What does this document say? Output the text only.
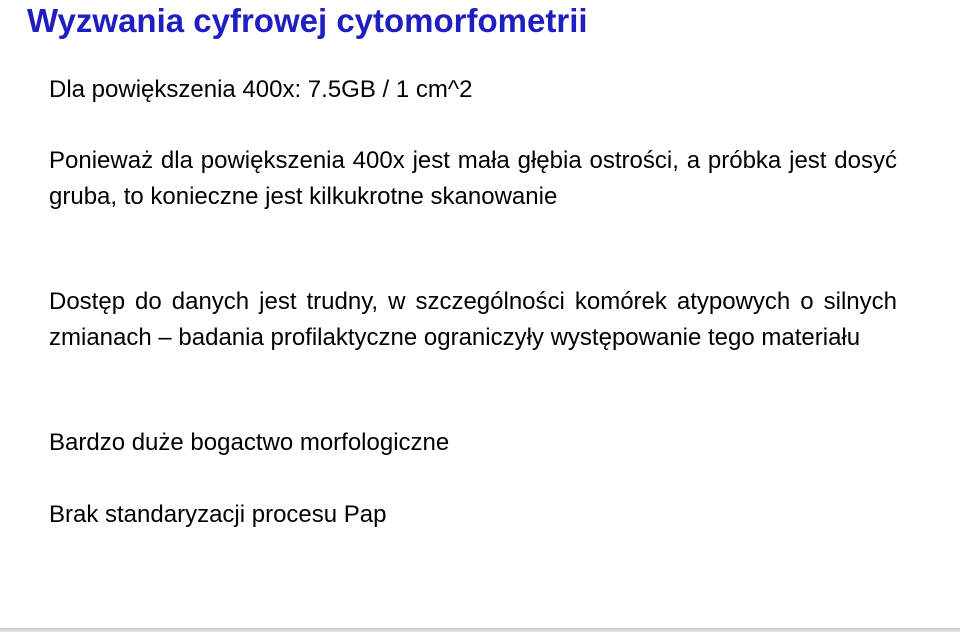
Wyzwania cyfrowej cytomorfometrii

Dla powiększenia 400x: 7.5GB / 1 cm^2

Ponieważ dla powiększenia 400x jest mała głębia ostrości, a próbka jest dosyć gruba, to konieczne jest kilkukrotne skanowanie

Dostęp do danych jest trudny, w szczególności komórek atypowych o silnych zmianach – badania profilaktyczne ograniczyły występowanie tego materiału

Bardzo duże bogactwo morfologiczne

Brak standaryzacji procesu Pap
